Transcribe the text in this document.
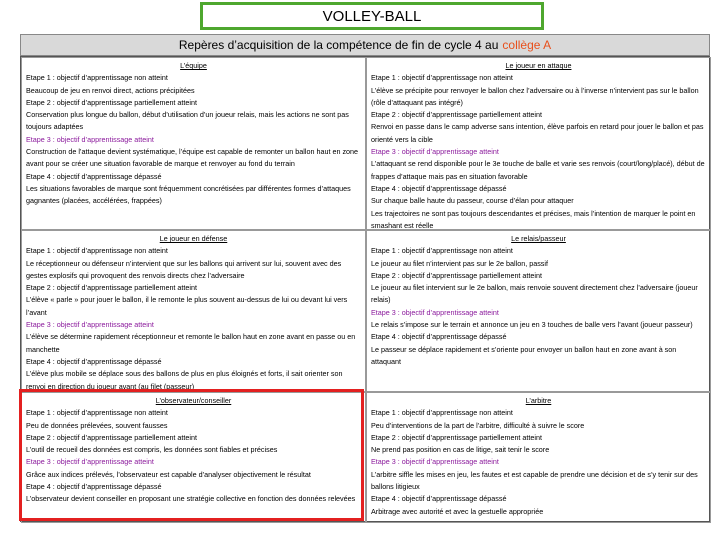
VOLLEY-BALL
Repères d’acquisition de la compétence de fin de cycle 4 au collège A
L’équipe
Etape 1 : objectif d’apprentissage non atteint
Beaucoup de jeu en renvoi direct, actions précipitées
Etape 2 : objectif d’apprentissage partiellement atteint
Conservation plus longue du ballon, début d’utilisation d’un joueur relais, mais les actions ne sont pas toujours adaptées
Etape 3 : objectif d’apprentissage atteint
Construction de l’attaque devient systématique, l’équipe est capable de remonter un ballon haut en zone avant pour se créer une situation favorable de marque et renvoyer au fond du terrain
Etape 4 : objectif d’apprentissage dépassé
Les situations favorables de marque sont fréquemment concrétisées par différentes formes d’attaques gagnantes (placées, accélérées, frappées)
Le joueur en attaque
Etape 1 : objectif d’apprentissage non atteint
L’élève se précipite pour renvoyer le ballon chez l’adversaire ou à l’inverse n’intervient pas sur le ballon (rôle d’attaquant pas intégré)
Etape 2 : objectif d’apprentissage partiellement atteint
Renvoi en passe dans le camp adverse sans intention, élève parfois en retard pour jouer le ballon et pas orienté vers la cible
Etape 3 : objectif d’apprentissage atteint
L’attaquant se rend disponible pour le 3e touche de balle et varie ses renvois (court/long/placé), début de frappes d’attaque mais pas en situation favorable
Etape 4 : objectif d’apprentissage dépassé
Sur chaque balle haute du passeur, course d’élan pour attaquer
Les trajectoires ne sont pas toujours descendantes et précises, mais l’intention de marquer le point en smashant est réelle
Le joueur en défense
Etape 1 : objectif d’apprentissage non atteint
Le réceptionneur ou défenseur n’intervient que sur les ballons qui arrivent sur lui, souvent avec des gestes explosifs qui provoquent des renvois directs chez l’adversaire
Etape 2 : objectif d’apprentissage partiellement atteint
L’élève « parle » pour jouer le ballon, il le remonte le plus souvent au-dessus de lui ou devant lui vers l’avant
Etape 3 : objectif d’apprentissage atteint
L’élève se détermine rapidement réceptionneur et remonte le ballon haut en zone avant en passe ou en manchette
Etape 4 : objectif d’apprentissage dépassé
L’élève plus mobile se déplace sous des ballons de plus en plus éloignés et forts, il sait orienter son renvoi en direction du joueur avant (au filet (passeur)
Le relais/passeur
Etape 1 : objectif d’apprentissage non atteint
Le joueur au filet n’intervient pas sur le 2e ballon, passif
Etape 2 : objectif d’apprentissage partiellement atteint
Le joueur au filet intervient sur le 2e ballon, mais renvoie souvent directement chez l’adversaire (joueur relais)
Etape 3 : objectif d’apprentissage atteint
Le relais s’impose sur le terrain et annonce un jeu en 3 touches de balle vers l’avant (joueur passeur)
Etape 4 : objectif d’apprentissage dépassé
Le passeur se déplace rapidement et s’oriente pour envoyer un ballon haut en zone avant à son attaquant
L’observateur/conseiller
Etape 1 : objectif d’apprentissage non atteint
Peu de données prélevées, souvent fausses
Etape 2 : objectif d’apprentissage partiellement atteint
L’outil de recueil des données est compris, les données sont fiables et précises
Etape 3 : objectif d’apprentissage atteint
Grâce aux indices prélevés, l’observateur est capable d’analyser objectivement le résultat
Etape 4 : objectif d’apprentissage dépassé
L’observateur devient conseiller en proposant une stratégie collective en fonction des données relevées
L’arbitre
Etape 1 : objectif d’apprentissage non atteint
Peu d’interventions de la part de l’arbitre, difficulté à suivre le score
Etape 2 : objectif d’apprentissage partiellement atteint
Ne prend pas position en cas de litige, sait tenir le score
Etape 3 : objectif d’apprentissage atteint
L’arbitre siffle les mises en jeu, les fautes et est capable de prendre une décision et de s’y tenir sur des ballons litigieux
Etape 4 : objectif d’apprentissage dépassé
Arbitrage avec autorité et avec la gestuelle appropriée
